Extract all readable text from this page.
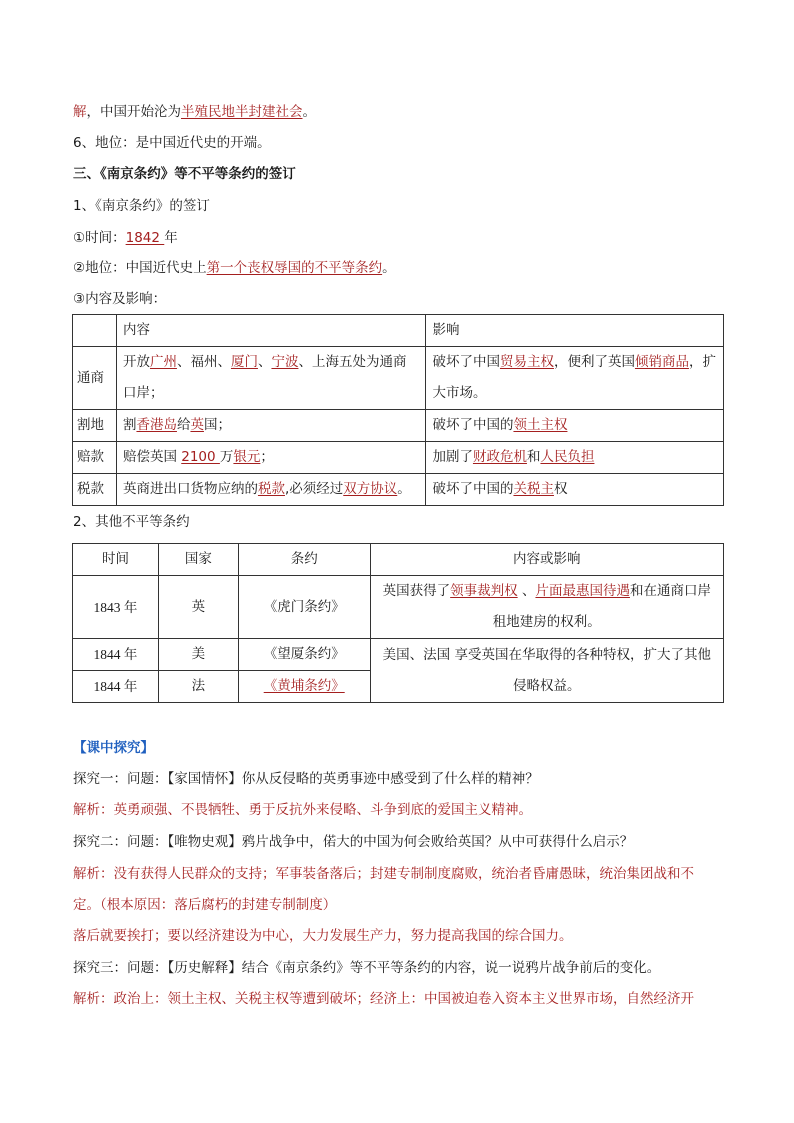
解，中国开始沦为半殖民地半封建社会。
6、地位：是中国近代史的开端。
三、《南京条约》等不平等条约的签订
1、《南京条约》的签订
①时间：1842 年
②地位：中国近代史上第一个丧权辱国的不平等条约。
③内容及影响：
	内容	影响
通商	开放广州、福州、厦门、宁波、上海五处为通商口岸；	破坏了中国贸易主权，便利了英国倾销商品，扩大市场。
割地	割香港岛给英国；	破坏了中国的领土主权
赔款	赔偿英国 2100 万银元；	加剧了财政危机和人民负担
税款	英商进出口货物应纳的税款,必须经过双方协议。	破坏了中国的关税主权
2、其他不平等条约
时间	国家	条约	内容或影响
1843 年	英	《虎门条约》	英国获得了领事裁判权 、片面最惠国待遇和在通商口岸租地建房的权利。
1844 年	美	《望厦条约》	美国、法国 享受英国在华取得的各种特权，扩大了其他侵略权益。
1844 年	法	《黄埔条约》	
【课中探究】
探究一：问题：【家国情怀】你从反侵略的英勇事迹中感受到了什么样的精神？
解析：英勇顽强、不畏牺牲、勇于反抗外来侵略、斗争到底的爱国主义精神。
探究二：问题：【唯物史观】鸦片战争中，偌大的中国为何会败给英国？从中可获得什么启示？
解析：没有获得人民群众的支持；军事装备落后；封建专制制度腐败，统治者昏庸愚昧，统治集团战和不
定。（根本原因：落后腐朽的封建专制制度）
落后就要挨打；要以经济建设为中心，大力发展生产力，努力提高我国的综合国力。
探究三：问题：【历史解释】结合《南京条约》等不平等条约的内容，说一说鸦片战争前后的变化。
解析：政治上：领土主权、关税主权等遭到破坏；经济上：中国被迫卷入资本主义世界市场，自然经济开
